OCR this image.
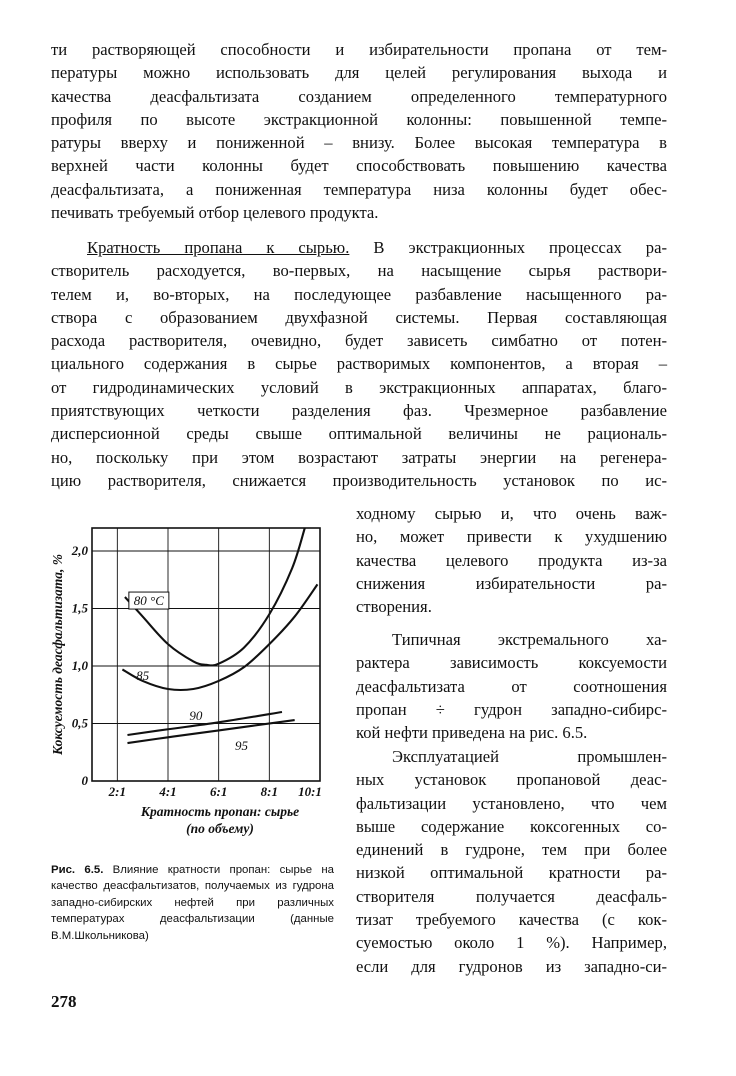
ти растворяющей способности и избирательности пропана от тем-
пературы можно использовать для целей регулирования выхода и
качества деасфальтизата созданием определенного температурного
профиля по высоте экстракционной колонны: повышенной темпе-
ратуры вверху и пониженной – внизу. Более высокая температура в
верхней части колонны будет способствовать повышению качества
деасфальтизата, а пониженная температура низа колонны будет обес-
печивать требуемый отбор целевого продукта.
Кратность пропана к сырью. В экстракционных процессах ра-
створитель расходуется, во-первых, на насыщение сырья раствори-
телем и, во-вторых, на последующее разбавление насыщенного ра-
створа с образованием двухфазной системы. Первая составляющая
расхода растворителя, очевидно, будет зависеть симбатно от потен-
циального содержания в сырье растворимых компонентов, а вторая –
от гидродинамических условий в экстракционных аппаратах, благо-
приятствующих четкости разделения фаз. Чрезмерное разбавление
дисперсионной среды свыше оптимальной величины не рациональ-
но, поскольку при этом возрастают затраты энергии на регенера-
цию растворителя, снижается производительность установок по ис-
ходному сырью и, что очень важ-
но, может привести к ухудшению
качества целевого продукта из-за
снижения избирательности ра-
створения.
Типичная экстремального ха-
рактера зависимость коксуемости
деасфальтизата от соотношения
пропан ÷ гудрон западно-сибирс-
кой нефти приведена на рис. 6.5.
Эксплуатацией промышлен-
ных установок пропановой деас-
фальтизации установлено, что чем
выше содержание коксогенных со-
единений в гудроне, тем при более
низкой оптимальной кратности ра-
створителя получается деасфаль-
тизат требуемого качества (с кок-
суемостью около 1 %). Например,
если для гудронов из западно-си-
2:1	4:1	6:1	8:1 10:1
0
0,5
1,0
1,5
2,0
Коксуемость деасфальтизата, %	80 °C
85
90
95
Кратность пропан: сырье
(по объему)
Рис. 6.5. Влияние кратности пропан: сырье на качество деасфальтизатов, получаемых из гудрона западно-сибирских нефтей при различных температурах деасфальтизации (данные В.М.Школьникова)
278
